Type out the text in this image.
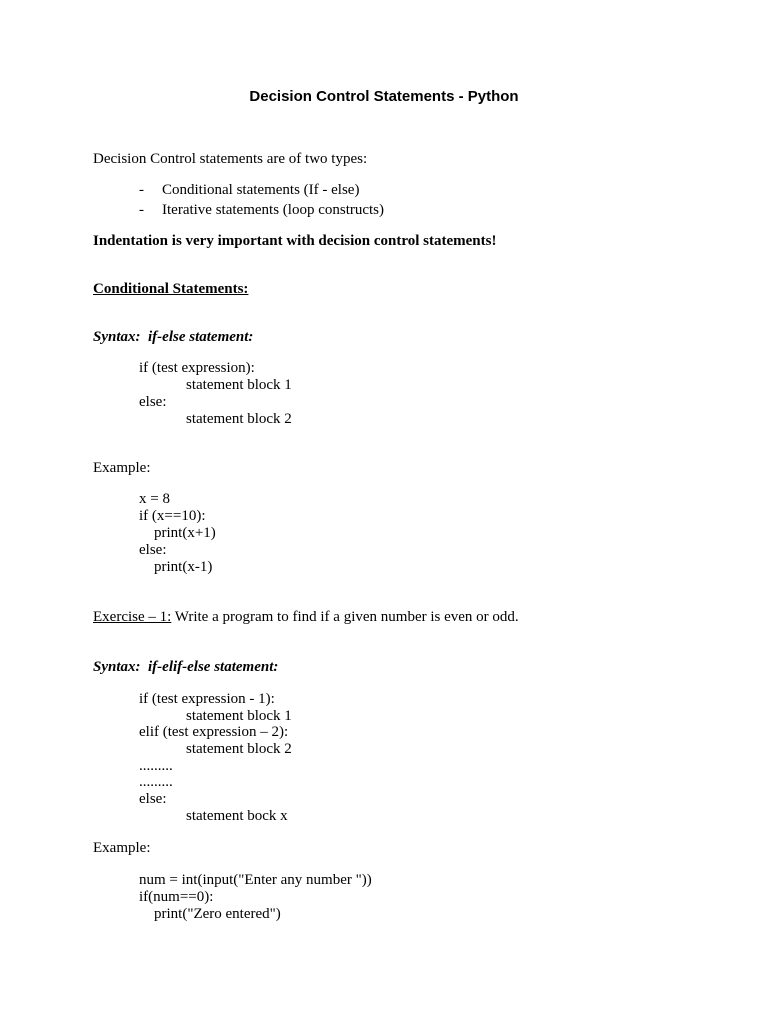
Decision Control Statements - Python
Decision Control statements are of two types:
- Conditional statements (If - else)
- Iterative statements (loop constructs)
Indentation is very important with decision control statements!
Conditional Statements:
Syntax:  if-else statement:
if (test expression):
statement block 1
else:
statement block 2
Example:
x = 8
if (x==10):
print(x+1)
else:
print(x-1)
Exercise – 1: Write a program to find if a given number is even or odd.
Syntax:  if-elif-else statement:
if (test expression - 1):
statement block 1
elif (test expression – 2):
statement block 2
.........
.........
else:
statement bock x
Example:
num = int(input("Enter any number "))
if(num==0):
print("Zero entered")
